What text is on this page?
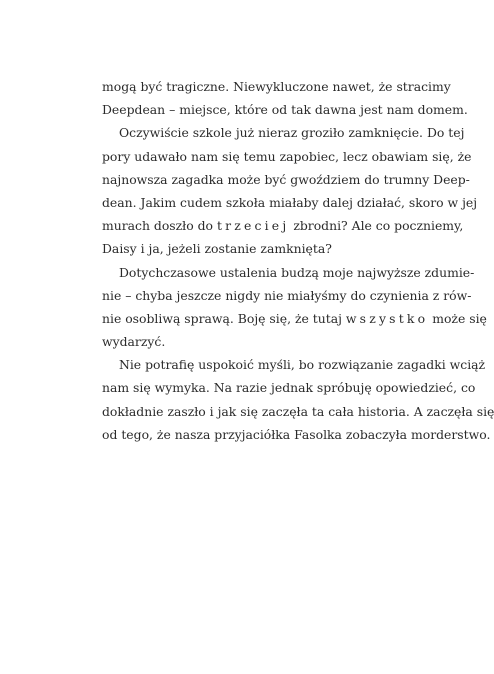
mogą być tragiczne. Niewykluczone nawet, że stracimy
Deepdean – miejsce, które od tak dawna jest nam domem.
Oczywiście szkole już nieraz groziło zamknięcie. Do tej
pory udawało nam się temu zapobiec, lecz obawiam się, że
najnowsza zagadka może być gwoździem do trumny Deep-
dean. Jakim cudem szkoła miałaby dalej działać, skoro w jej
murach doszło do trzeciej zbrodni? Ale co poczniemy,
Daisy i ja, jeżeli zostanie zamknięta?
Dotychczasowe ustalenia budzą moje najwyższe zdumie-
nie – chyba jeszcze nigdy nie miałyśmy do czynienia z rów-
nie osobliwą sprawą. Boję się, że tutaj wszystko może się
wydarzyć.
Nie potrafię uspokoić myśli, bo rozwiązanie zagadki wciąż
nam się wymyka. Na razie jednak spróbuję opowiedzieć, co
dokładnie zaszło i jak się zaczęła ta cała historia. A zaczęła się
od tego, że nasza przyjaciółka Fasolka zobaczyła morderstwo.
